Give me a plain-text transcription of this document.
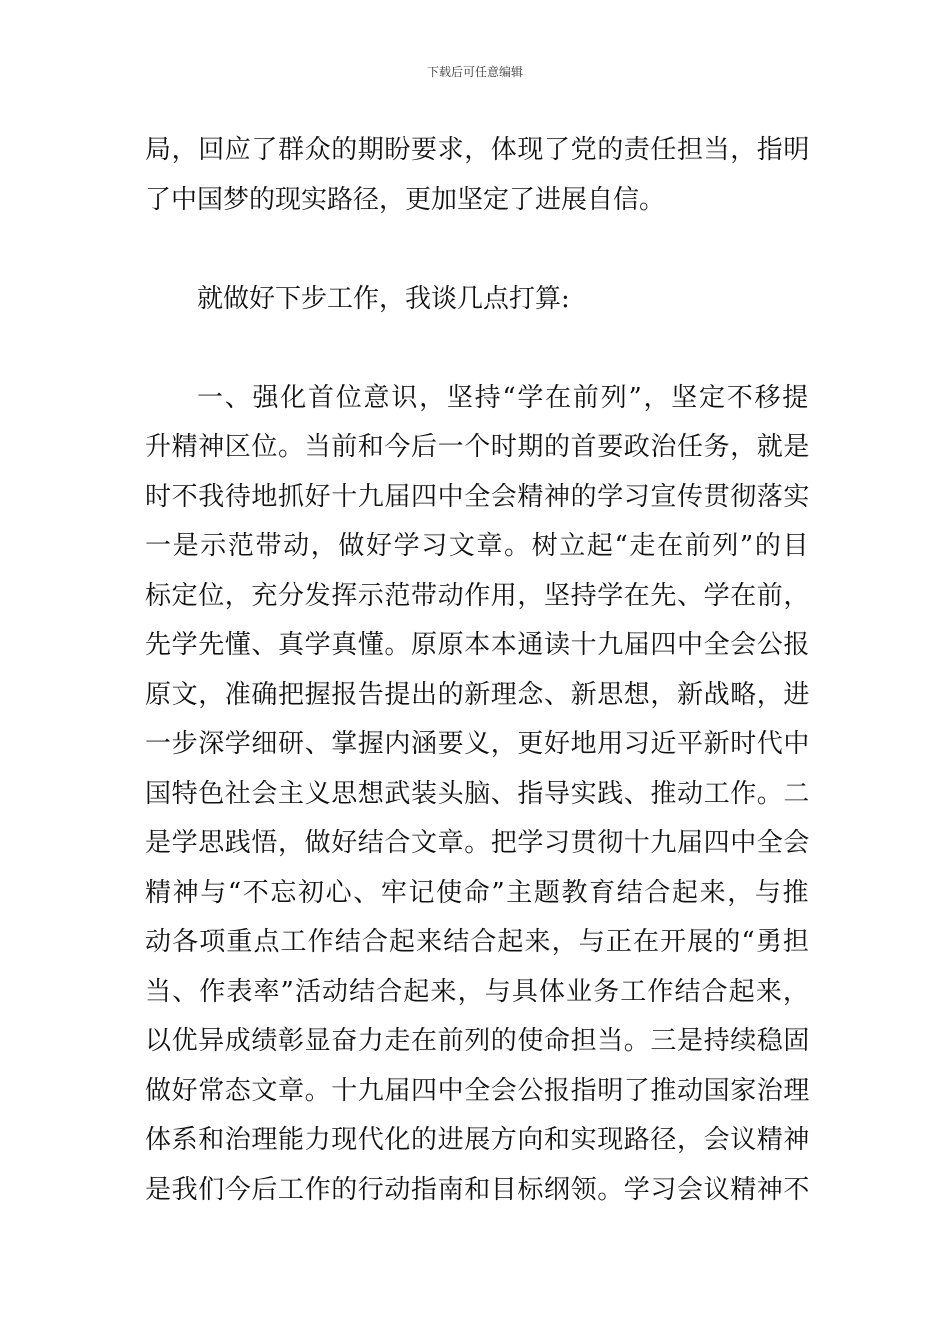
下载后可任意编辑
局，回应了群众的期盼要求，体现了党的责任担当，指明
了中国梦的现实路径，更加坚定了进展自信。
就做好下步工作，我谈几点打算:
一、强化首位意识，坚持“学在前列”，坚定不移提
升精神区位。当前和今后一个时期的首要政治任务，就是
时不我待地抓好十九届四中全会精神的学习宣传贯彻落实
一是示范带动，做好学习文章。树立起“走在前列”的目
标定位，充分发挥示范带动作用，坚持学在先、学在前，
先学先懂、真学真懂。原原本本通读十九届四中全会公报
原文，准确把握报告提出的新理念、新思想，新战略，进
一步深学细研、掌握内涵要义，更好地用习近平新时代中
国特色社会主义思想武装头脑、指导实践、推动工作。二
是学思践悟，做好结合文章。把学习贯彻十九届四中全会
精神与“不忘初心、牢记使命”主题教育结合起来，与推
动各项重点工作结合起来结合起来，与正在开展的“勇担
当、作表率”活动结合起来，与具体业务工作结合起来，
以优异成绩彰显奋力走在前列的使命担当。三是持续稳固
做好常态文章。十九届四中全会公报指明了推动国家治理
体系和治理能力现代化的进展方向和实现路径，会议精神
是我们今后工作的行动指南和目标纲领。学习会议精神不
